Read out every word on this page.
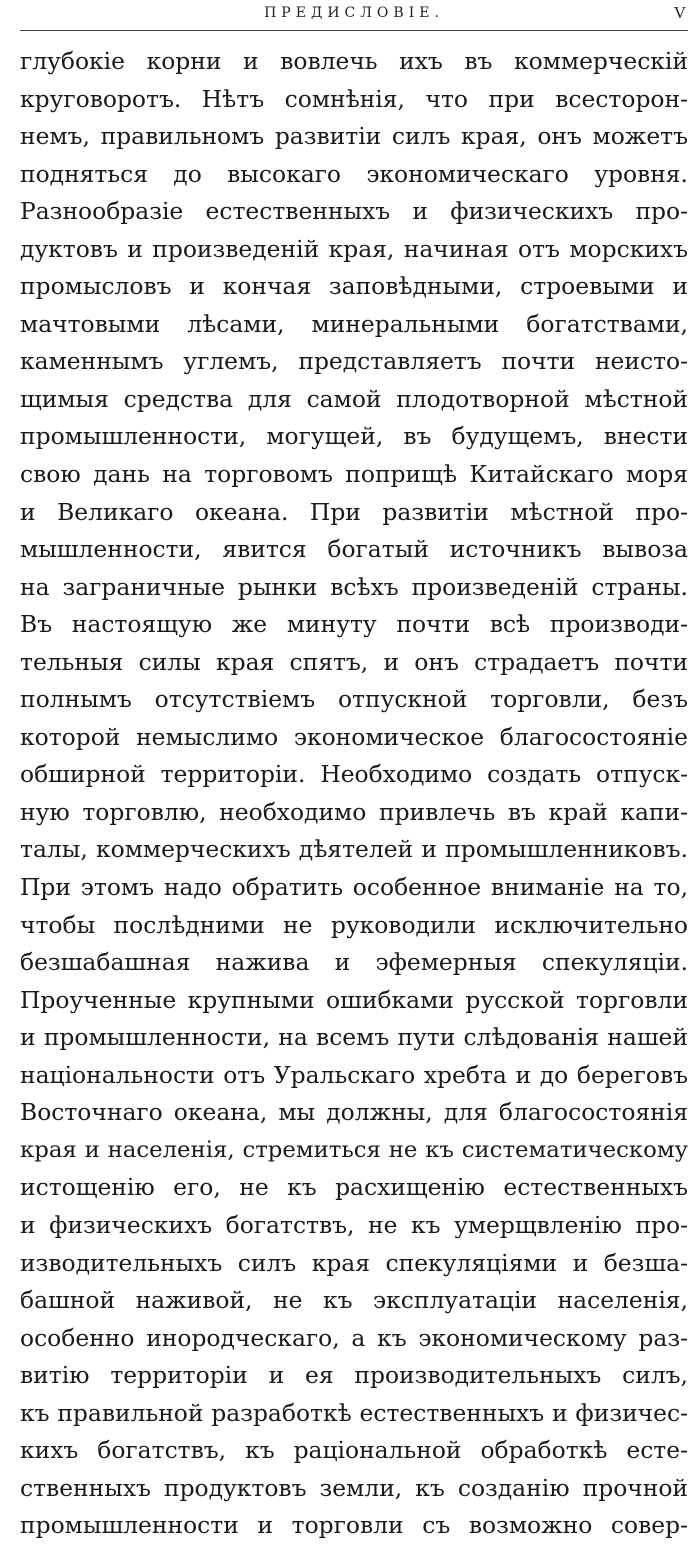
ПРЕДИСЛОВІЕ.	V
глубокіе корни и вовлечь ихъ въ коммерческій
круговоротъ. Нѣтъ сомнѣнія, что при всесторон-
немъ, правильномъ развитіи силъ края, онъ можетъ
подняться до высокаго экономическаго уровня.
Разнообразіе естественныхъ и физическихъ про-
дуктовъ и произведеній края, начиная отъ морскихъ
промысловъ и кончая заповѣдными, строевыми и
мачтовыми лѣсами, минеральными богатствами,
каменнымъ углемъ, представляетъ почти неисто-
щимыя средства для самой плодотворной мѣстной
промышленности, могущей, въ будущемъ, внести
свою дань на торговомъ поприщѣ Китайскаго моря
и Великаго океана. При развитіи мѣстной про-
мышленности, явится богатый источникъ вывоза
на заграничные рынки всѣхъ произведеній страны.
Въ настоящую же минуту почти всѣ производи-
тельныя силы края спятъ, и онъ страдаетъ почти
полнымъ отсутствіемъ отпускной торговли, безъ
которой немыслимо экономическое благосостояніе
обширной территоріи. Необходимо создать отпуск-
ную торговлю, необходимо привлечь въ край капи-
талы, коммерческихъ дѣятелей и промышленниковъ.
При этомъ надо обратить особенное вниманіе на то,
чтобы послѣдними не руководили исключительно
безшабашная нажива и эфемерныя спекуляціи.
Проученные крупными ошибками русской торговли
и промышленности, на всемъ пути слѣдованія нашей
національности отъ Уральскаго хребта и до береговъ
Восточнаго океана, мы должны, для благосостоянія
края и населенія, стремиться не къ систематическому
истощенію его, не къ расхищенію естественныхъ
и физическихъ богатствъ, не къ умерщвленію про-
изводительныхъ силъ края спекуляціями и безша-
башной наживой, не къ эксплуатаціи населенія,
особенно инородческаго, а къ экономическому раз-
витію территоріи и ея производительныхъ силъ,
къ правильной разработкѣ естественныхъ и физичес-
кихъ богатствъ, къ раціональной обработкѣ есте-
ственныхъ продуктовъ земли, къ созданію прочной
промышленности и торговли съ возможно совер-
